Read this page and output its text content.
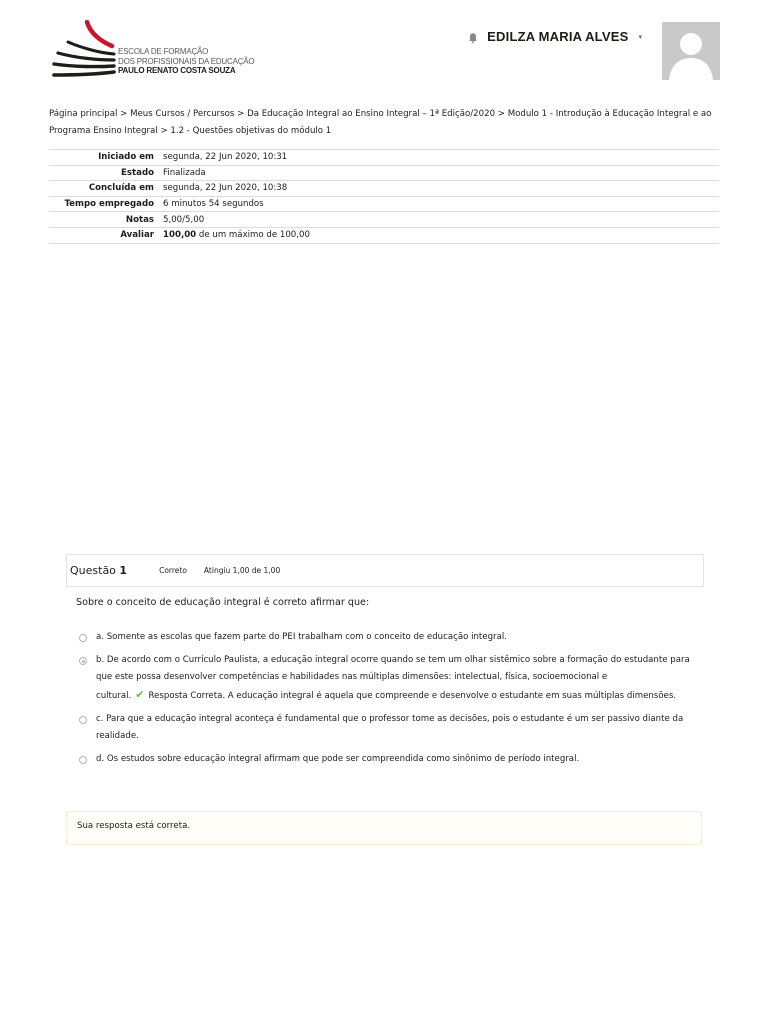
ESCOLA DE FORMAÇÃO
DOS PROFISSIONAIS DA EDUCAÇÃO
PAULO RENATO COSTA SOUZA
EDILZA MARIA ALVES ▾
Página principal > Meus Cursos / Percursos > Da Educação Integral ao Ensino Integral – 1ª Edição/2020 > Modulo 1 - Introdução à Educação Integral e ao Programa Ensino Integral > 1.2 - Questões objetivas do módulo 1
Iniciado em	segunda, 22 Jun 2020, 10:31
Estado	Finalizada
Concluída em	segunda, 22 Jun 2020, 10:38
Tempo empregado	6 minutos 54 segundos
Notas	5,00/5,00
Avaliar	100,00 de um máximo de 100,00
Questão 1	Correto Atingiu 1,00 de 1,00
Sobre o conceito de educação integral é correto afirmar que:
a. Somente as escolas que fazem parte do PEI trabalham com o conceito de educação integral.
b. De acordo com o Currículo Paulista, a educação integral ocorre quando se tem um olhar sistêmico sobre a formação do estudante para que este possa desenvolver competências e habilidades nas múltiplas dimensões: intelectual, física, socioemocional e cultural. ✔ Resposta Correta. A educação integral é aquela que compreende e desenvolve o estudante em suas múltiplas dimensões.
c. Para que a educação integral aconteça é fundamental que o professor tome as decisões, pois o estudante é um ser passivo diante da realidade.
d. Os estudos sobre educação integral afirmam que pode ser compreendida como sinônimo de período integral.
Sua resposta está correta.
